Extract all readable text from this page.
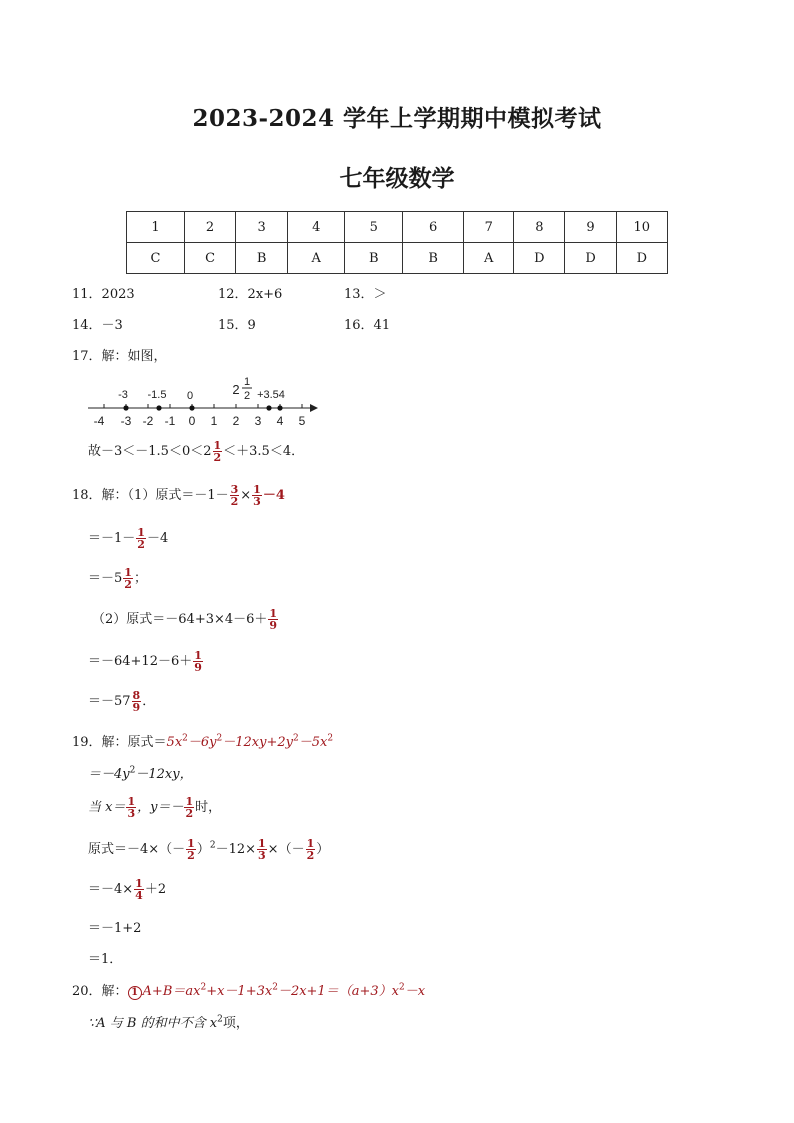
2023-2024 学年上学期期中模拟考试
七年级数学
1	2	3	4	5	6	7	8	9	10
C	C	B	A	B	B	A	D	D	D
11．2023	12．2x+6	13．＞
14．－3	15．9	16．41
17．解：如图，
-4 -3 -2 -1 0 1 2 3 4 5
-3 -1.5 0	2 1
2 +3.54
故$-3<-1.5<0<2 \frac{1}{2} <+3.5<4$．
18．解：（1）原式$=-1- \frac{3}{2} \times \frac{1}{3} -4$
$=-1- \frac{1}{2} -4$
$=-5 \frac{1}{2}$ ；
（2）原式$=-64+3\times 4-6+ \frac{1}{9}$
$=-64+12-6+ \frac{1}{9}$
$=-57 \frac{8}{9}$ ．
19．解：原式$=5x^2-6y^2-12xy+2y^2-5x^2$
$=-4y^2-12xy$，
当 $x= \frac{1}{3}$ ，$y=- \frac{1}{2}$ 时，
原式$=-4\times(- \frac{1}{2} )^2-12\times \frac{1}{3}$ ×（－ $\frac{1}{2}$ ）
$=-4\times \frac{1}{4} +2$
＝－1+2
＝1．
20．解： 1 $A+B=ax^2+x-1+3x^2-2x+1=(a+3)x^2-x$
∵A 与 B 的和中不含 $x^2$项，
